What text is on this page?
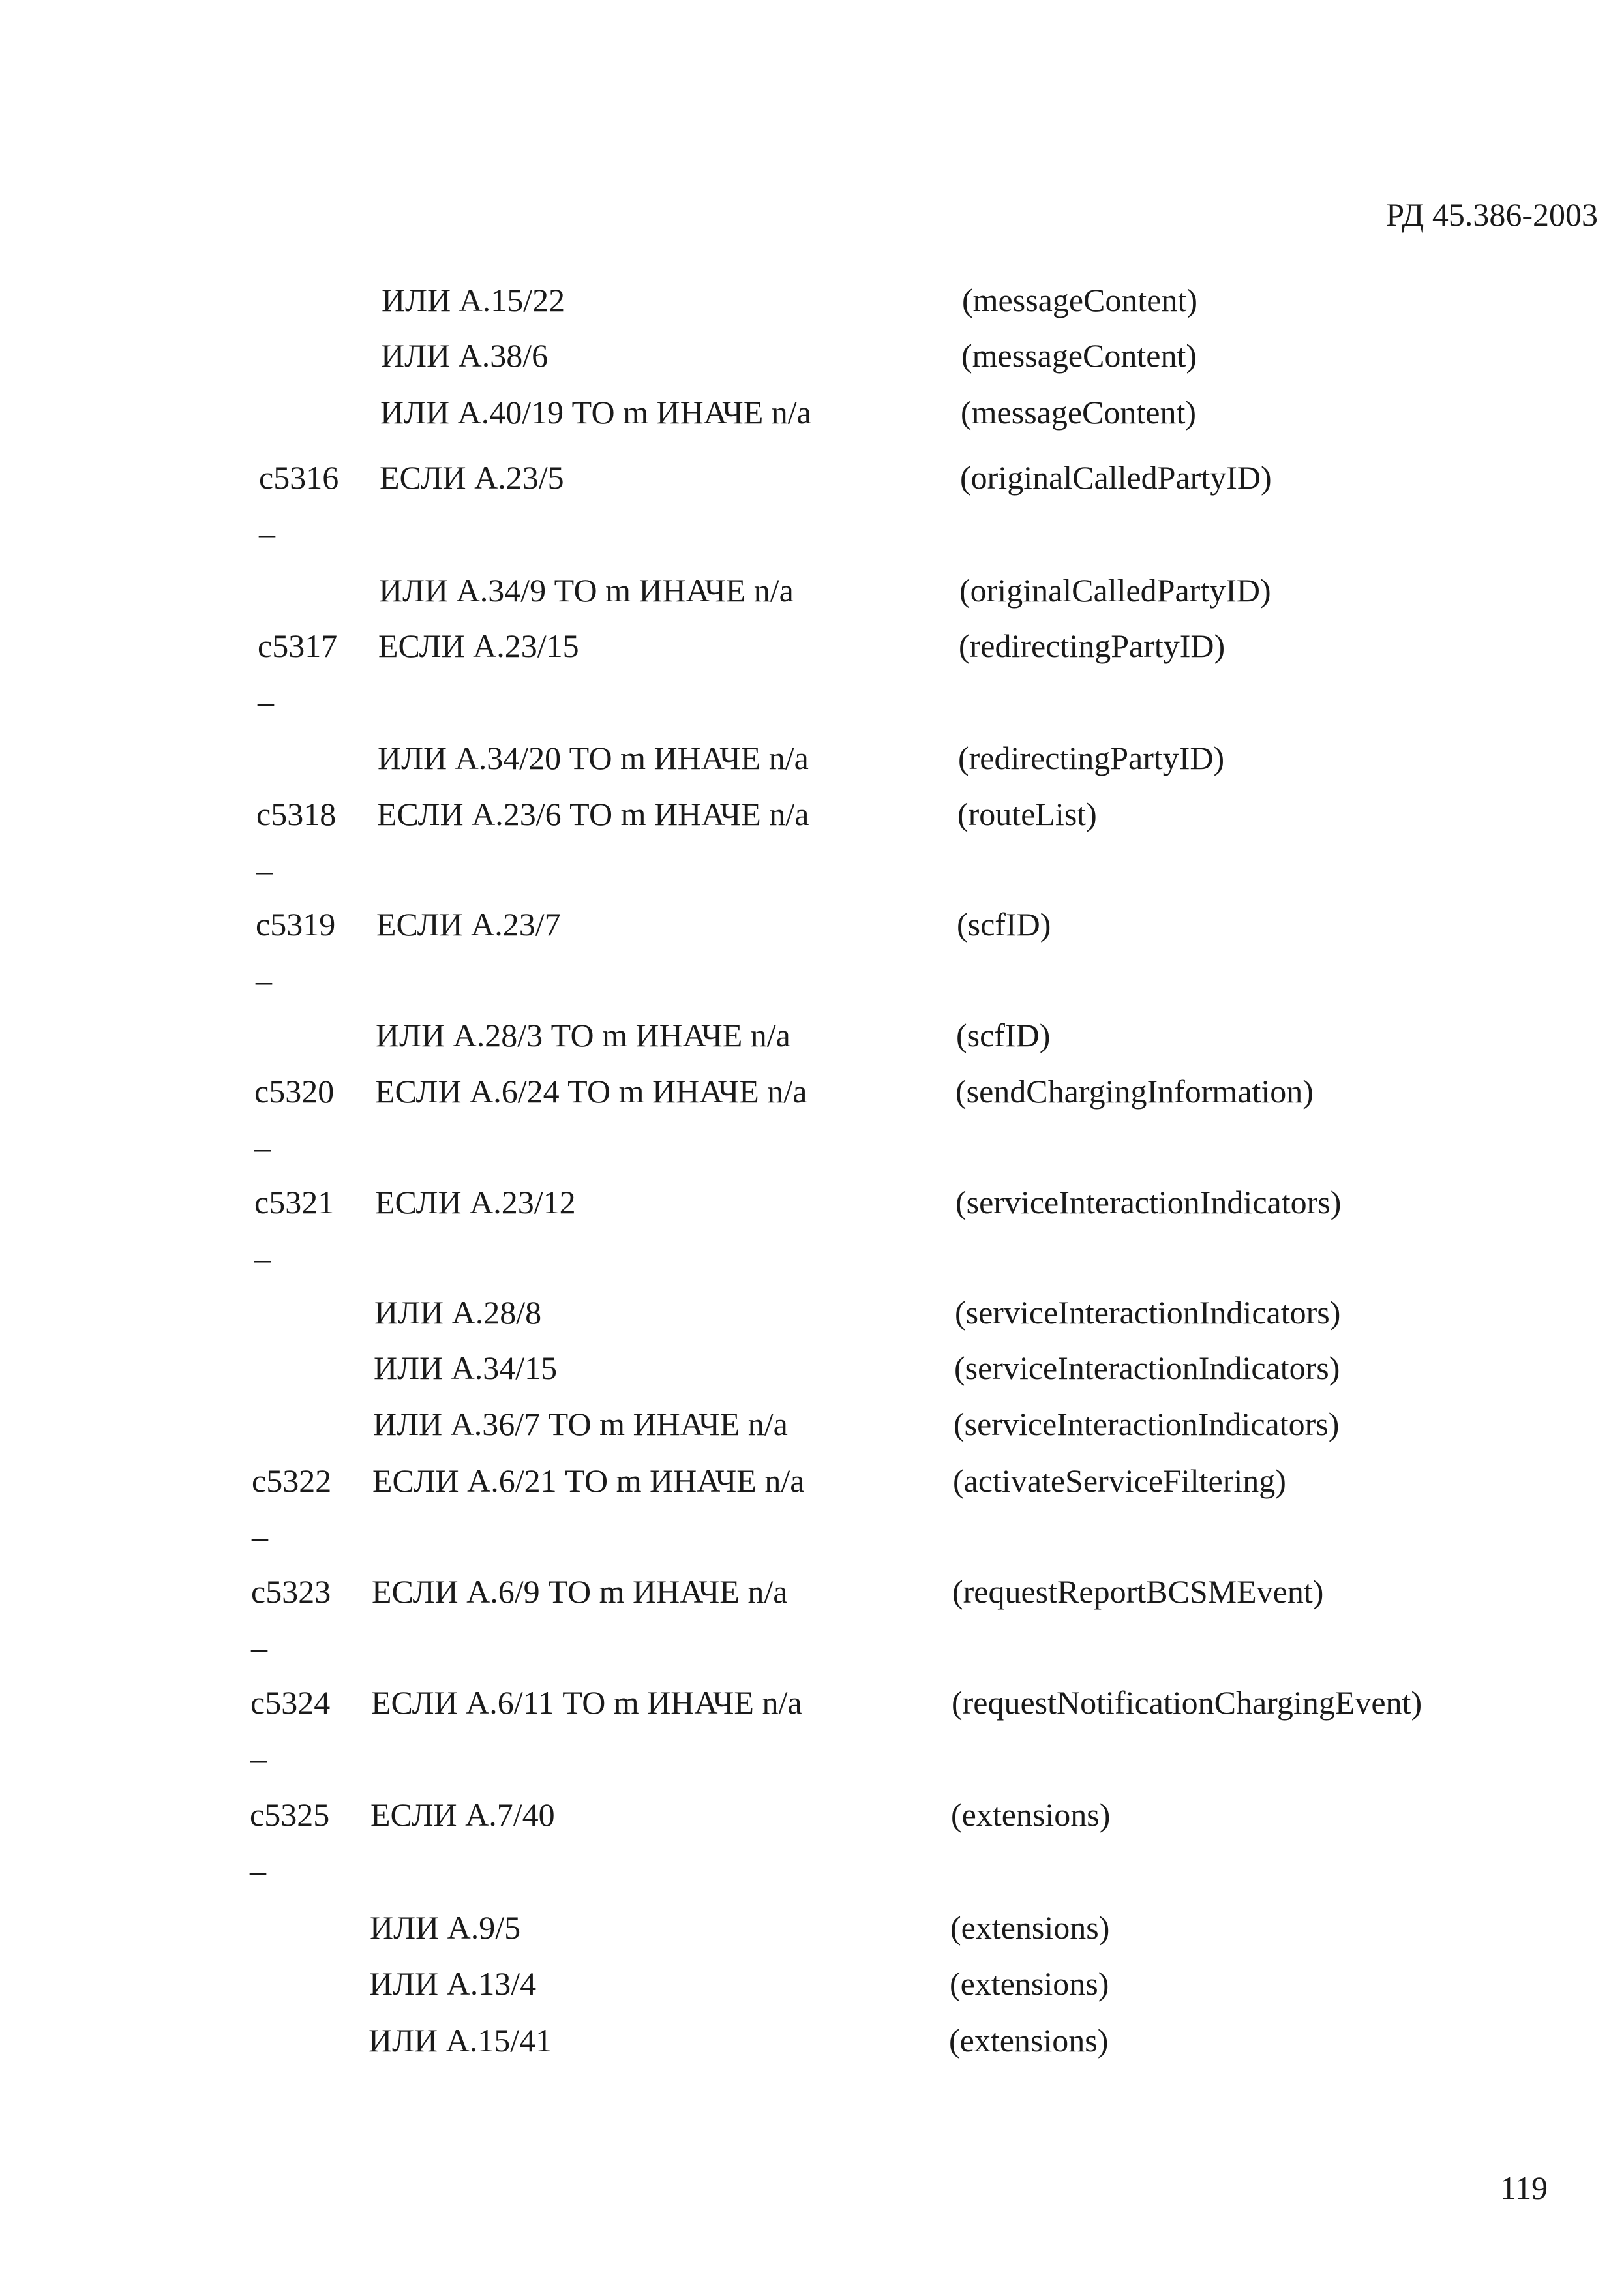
РД 45.386-2003
ИЛИ А.15/22	(messageContent)
ИЛИ А.38/6	(messageContent)
ИЛИ А.40/19 ТО m ИНАЧЕ n/a	(messageContent)
c5316 ЕСЛИ А.23/5	(originalCalledPartyID)
–
ИЛИ А.34/9 ТО m ИНАЧЕ n/a	(originalCalledPartyID)
c5317 ЕСЛИ А.23/15	(redirectingPartyID)
–
ИЛИ А.34/20 ТО m ИНАЧЕ n/a	(redirectingPartyID)
c5318 ЕСЛИ А.23/6 ТО m ИНАЧЕ n/a	(routeList)
–
c5319 ЕСЛИ А.23/7	(scfID)
–
ИЛИ А.28/3 ТО m ИНАЧЕ n/a	(scfID)
c5320 ЕСЛИ А.6/24 ТО m ИНАЧЕ n/a	(sendChargingInformation)
–
c5321 ЕСЛИ А.23/12	(serviceInteractionIndicators)
–
ИЛИ А.28/8	(serviceInteractionIndicators)
ИЛИ А.34/15	(serviceInteractionIndicators)
ИЛИ А.36/7 ТО m ИНАЧЕ n/a	(serviceInteractionIndicators)
c5322 ЕСЛИ А.6/21 ТО m ИНАЧЕ n/a	(activateServiceFiltering)
–
c5323 ЕСЛИ А.6/9 ТО m ИНАЧЕ n/a	(requestReportBCSMEvent)
–
c5324 ЕСЛИ А.6/11 ТО m ИНАЧЕ n/a	(requestNotificationChargingEvent)
–
c5325 ЕСЛИ А.7/40	(extensions)
–
ИЛИ А.9/5	(extensions)
ИЛИ А.13/4	(extensions)
ИЛИ А.15/41	(extensions)
119
